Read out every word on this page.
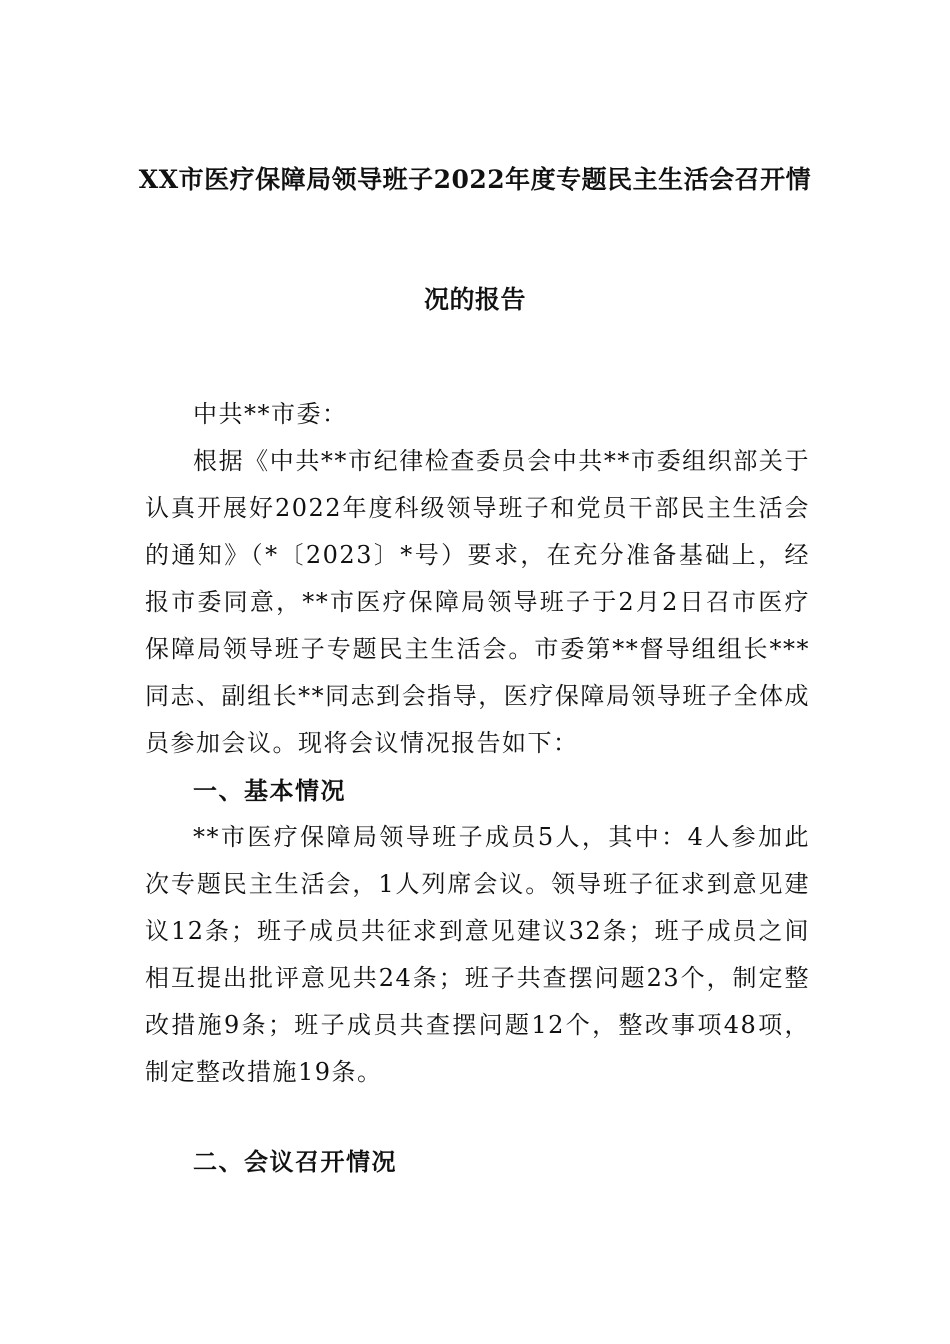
XX市医疗保障局领导班子2022年度专题民主生活会召开情
况的报告

中共**市委：

根据《中共**市纪律检查委员会中共**市委组织部关于认真开展好2022年度科级领导班子和党员干部民主生活会的通知》（*〔2023〕*号）要求，在充分准备基础上，经报市委同意，**市医疗保障局领导班子于2月2日召市医疗保障局领导班子专题民主生活会。市委第**督导组组长***同志、副组长**同志到会指导，医疗保障局领导班子全体成员参加会议。现将会议情况报告如下：

一、基本情况

**市医疗保障局领导班子成员5人，其中：4人参加此次专题民主生活会，1人列席会议。领导班子征求到意见建议12条；班子成员共征求到意见建议32条；班子成员之间相互提出批评意见共24条；班子共查摆问题23个，制定整改措施9条；班子成员共查摆问题12个，整改事项48项，制定整改措施19条。

二、会议召开情况
